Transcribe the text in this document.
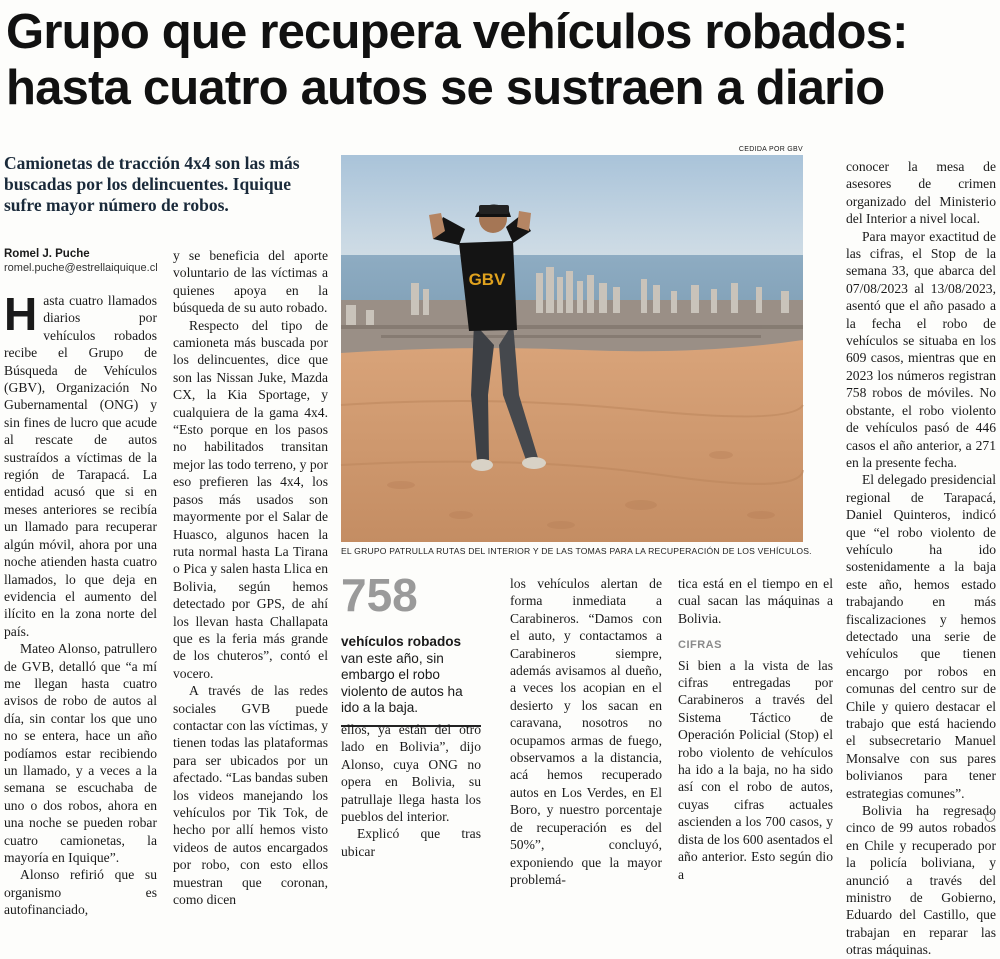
Grupo que recupera vehículos robados:
hasta cuatro autos se sustraen a diario
Camionetas de tracción 4x4 son las más buscadas por los delincuentes. Iquique sufre mayor número de robos.
Romel J. Puche
romel.puche@estrellaiquique.cl

Hasta cuatro llamados diarios por vehículos robados recibe el Grupo de Búsqueda de Vehículos (GBV), Organización No Gubernamental (ONG) y sin fines de lucro que acude al rescate de autos sustraídos a víctimas de la región de Tarapacá. La entidad acusó que si en meses anteriores se recibía un llamado para recuperar algún móvil, ahora por una noche atienden hasta cuatro llamados, lo que deja en evidencia el aumento del ilícito en la zona norte del país.

Mateo Alonso, patrullero de GVB, detalló que “a mí me llegan hasta cuatro avisos de robo de autos al día, sin contar los que uno no se entera, hace un año podíamos estar recibiendo un llamado, y a veces a la semana se escuchaba de uno o dos robos, ahora en una noche se pueden robar cuatro camionetas, la mayoría en Iquique”.

Alonso refirió que su organismo es autofinanciado,

y se beneficia del aporte voluntario de las víctimas a quienes apoya en la búsqueda de su auto robado.

Respecto del tipo de camioneta más buscada por los delincuentes, dice que son las Nissan Juke, Mazda CX, la Kia Sportage, y cualquiera de la gama 4x4. “Esto porque en los pasos no habilitados transitan mejor las todo terreno, y por eso prefieren las 4x4, los pasos más usados son mayormente por el Salar de Huasco, algunos hacen la ruta normal hasta La Tirana o Pica y salen hasta Llica en Bolivia, según hemos detectado por GPS, de ahí los llevan hasta Challapata que es la feria más grande de los chuteros”, contó el vocero.

A través de las redes sociales GVB puede contactar con las víctimas, y tienen todas las plataformas para ser ubicados por un afectado. “Las bandas suben los videos manejando los vehículos por Tik Tok, de hecho por allí hemos visto videos de autos encargados por robo, con esto ellos muestran que coronan, como dicen

CEDIDA POR GBV
GBV
EL GRUPO PATRULLA RUTAS DEL INTERIOR Y DE LAS TOMAS PARA LA RECUPERACIÓN DE LOS VEHÍCULOS.
758
vehículos robados van este año, sin embargo el robo violento de autos ha ido a la baja.

ellos, ya están del otro lado en Bolivia”, dijo Alonso, cuya ONG no opera en Bolivia, su patrullaje llega hasta los pueblos del interior.

Explicó que tras ubicar

los vehículos alertan de forma inmediata a Carabineros. “Damos con el auto, y contactamos a Carabineros siempre, además avisamos al dueño, a veces los acopian en el desierto y los sacan en caravana, nosotros no ocupamos armas de fuego, observamos a la distancia, acá hemos recuperado autos en Los Verdes, en El Boro, y nuestro porcentaje de recuperación es del 50%”, concluyó, exponiendo que la mayor problemá-

tica está en el tiempo en el cual sacan las máquinas a Bolivia.

CIFRAS

Si bien a la vista de las cifras entregadas por Carabineros a través del Sistema Táctico de Operación Policial (Stop) el robo violento de vehículos ha ido a la baja, no ha sido así con el robo de autos, cuyas cifras actuales ascienden a los 700 casos, y dista de los 600 asentados el año anterior. Esto según dio a

conocer la mesa de asesores de crimen organizado del Ministerio del Interior a nivel local.

Para mayor exactitud de las cifras, el Stop de la semana 33, que abarca del 07/08/2023 al 13/08/2023, asentó que el año pasado a la fecha el robo de vehículos se situaba en los 609 casos, mientras que en 2023 los números registran 758 robos de móviles. No obstante, el robo violento de vehículos pasó de 446 casos el año anterior, a 271 en la presente fecha.

El delegado presidencial regional de Tarapacá, Daniel Quinteros, indicó que “el robo violento de vehículo ha ido sostenidamente a la baja este año, hemos estado trabajando en más fiscalizaciones y hemos detectado una serie de vehículos que tienen encargo por robos en comunas del centro sur de Chile y quiero destacar el trabajo que está haciendo el subsecretario Manuel Monsalve con sus pares bolivianos para tener estrategias comunes”.

Bolivia ha regresado cinco de 99 autos robados en Chile y recuperado por la policía boliviana, y anunció a través del ministro de Gobierno, Eduardo del Castillo, que trabajan en reparar las otras máquinas.
